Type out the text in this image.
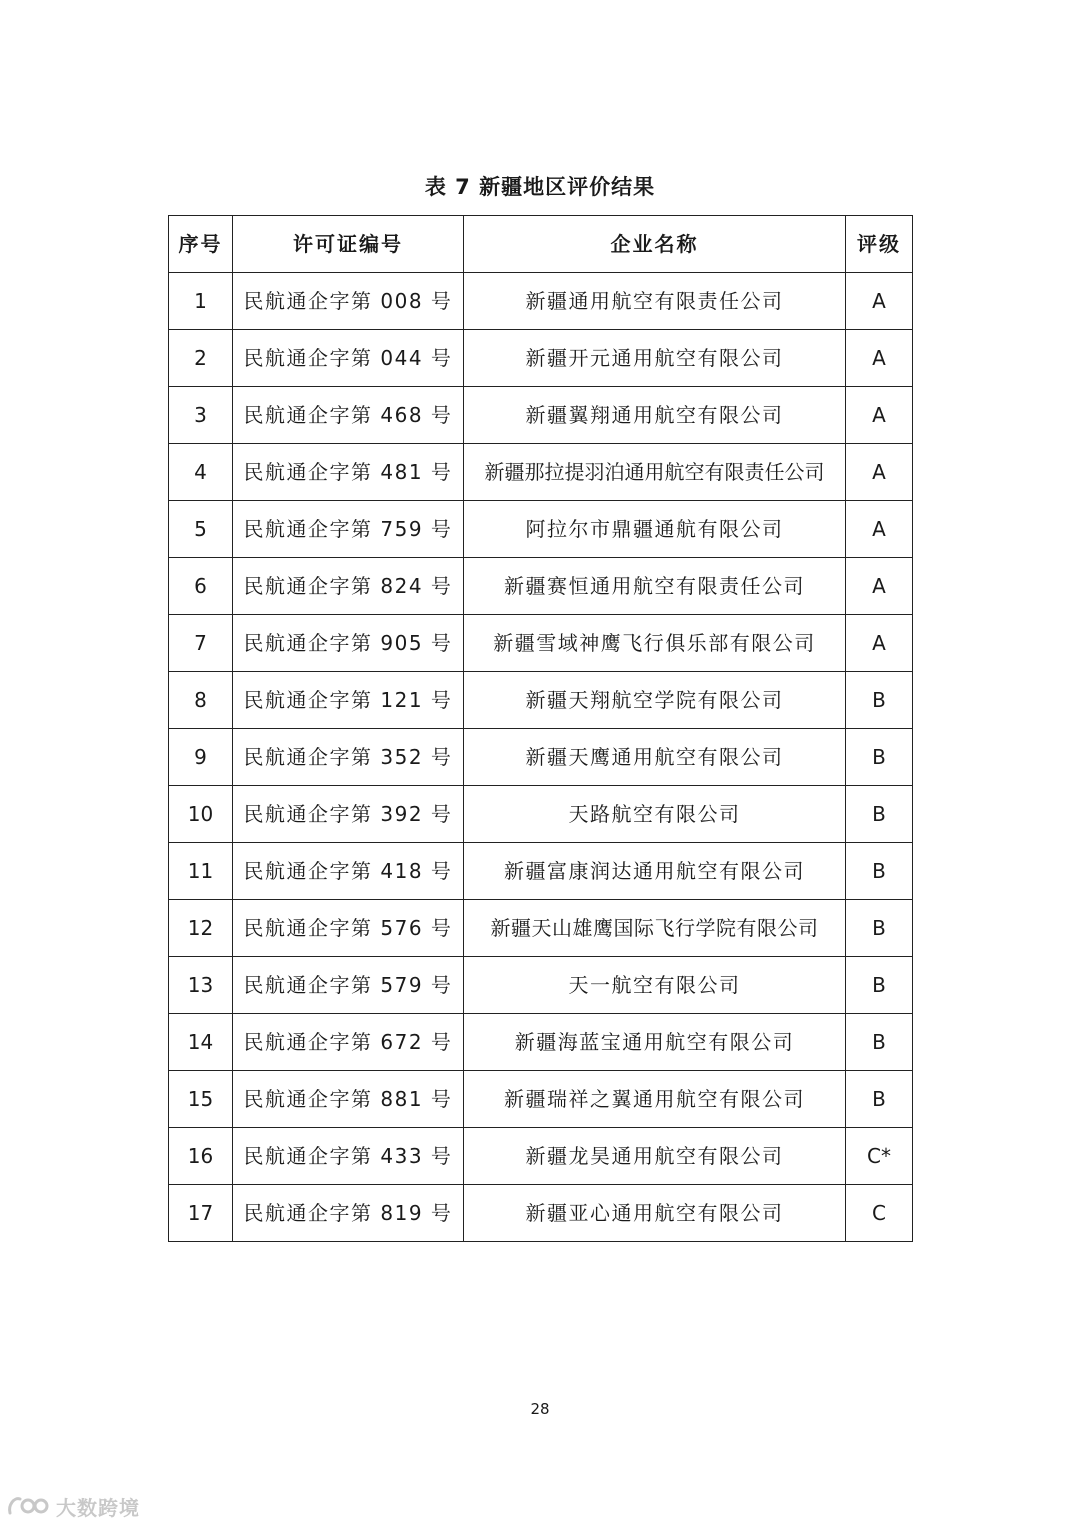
表 7 新疆地区评价结果
序号	许可证编号	企业名称	评级
1	民航通企字第 008 号	新疆通用航空有限责任公司	A
2	民航通企字第 044 号	新疆开元通用航空有限公司	A
3	民航通企字第 468 号	新疆翼翔通用航空有限公司	A
4	民航通企字第 481 号	新疆那拉提羽泊通用航空有限责任公司	A
5	民航通企字第 759 号	阿拉尔市鼎疆通航有限公司	A
6	民航通企字第 824 号	新疆赛恒通用航空有限责任公司	A
7	民航通企字第 905 号	新疆雪域神鹰飞行俱乐部有限公司	A
8	民航通企字第 121 号	新疆天翔航空学院有限公司	B
9	民航通企字第 352 号	新疆天鹰通用航空有限公司	B
10	民航通企字第 392 号	天路航空有限公司	B
11	民航通企字第 418 号	新疆富康润达通用航空有限公司	B
12	民航通企字第 576 号	新疆天山雄鹰国际飞行学院有限公司	B
13	民航通企字第 579 号	天一航空有限公司	B
14	民航通企字第 672 号	新疆海蓝宝通用航空有限公司	B
15	民航通企字第 881 号	新疆瑞祥之翼通用航空有限公司	B
16	民航通企字第 433 号	新疆龙昊通用航空有限公司	C*
17	民航通企字第 819 号	新疆亚心通用航空有限公司	C
28
大数跨境
